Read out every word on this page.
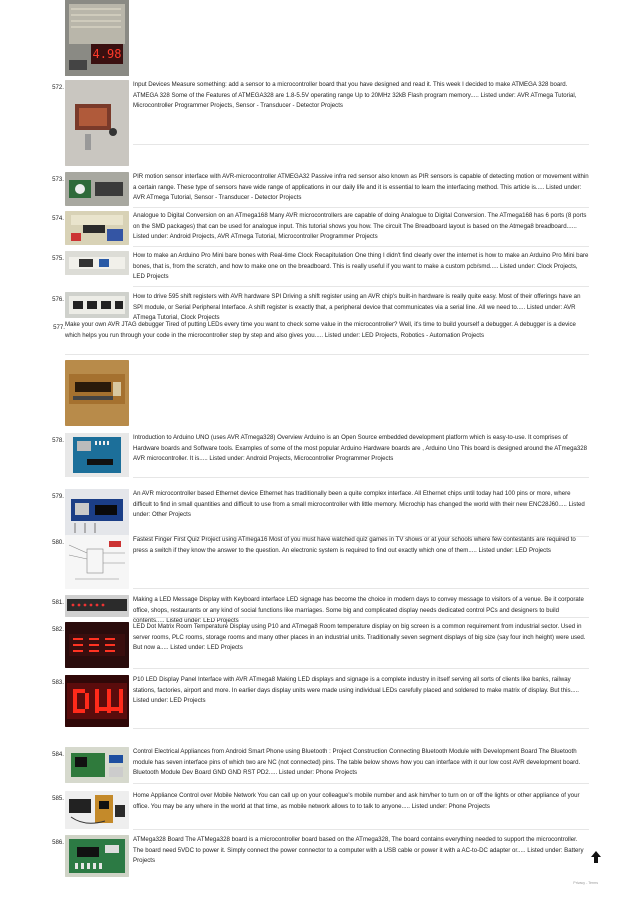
4.98
572.	Input Devices Measure something: add a sensor to a microcontroller board that you have designed and read it. This week I decided to make ATMEGA 328 board. ATMEGA 328 Some of the Features of ATMEGA328 are 1.8-5.5V operating range Up to 20MHz 32kB Flash program memory..... Listed under: AVR ATmega Tutorial, Microcontroller Programmer Projects, Sensor - Transducer - Detector Projects
573.	PIR motion sensor interface with AVR-microcontroller ATMEGA32 Passive infra red sensor also known as PIR sensors is capable of detecting motion or movement within a certain range. These type of sensors have wide range of applications in our daily life and it is essential to learn the interfacing method. This article is..... Listed under: AVR ATmega Tutorial, Sensor - Transducer - Detector Projects
574.	Analogue to Digital Conversion on an ATmega168 Many AVR microcontrollers are capable of doing Analogue to Digital Conversion. The ATmega168 has 6 ports (8 ports on the SMD packages) that can be used for analogue input. This tutorial shows you how. The circuit The Breadboard layout is based on the Atmega8 breadboard...... Listed under: Android Projects, AVR ATmega Tutorial, Microcontroller Programmer Projects
575.	How to make an Arduino Pro Mini bare bones with Real-time Clock Recapitulation One thing I didn't find clearly over the internet is how to make an Arduino Pro Mini bare bones, that is, from the scratch, and how to make one on the breadboard. This is really useful if you want to make a custom pcb/smd..... Listed under: Clock Projects, LED Projects
576.	How to drive 595 shift registers with AVR hardware SPI Driving a shift register using an AVR chip's built-in hardware is really quite easy. Most of their offerings have an SPI module, or Serial Peripheral Interface. A shift register is exactly that, a peripheral device that communicates via a serial line. All we need to..... Listed under: AVR ATmega Tutorial, Clock Projects
577. Make your own AVR JTAG debugger Tired of putting LEDs every time you want to check some value in the microcontroller? Well, it's time to build yourself a debugger. A debugger is a device which helps you run through your code in the microcontroller step by step and also gives you..... Listed under: LED Projects, Robotics - Automation Projects
578.	Introduction to Arduino UNO (uses AVR ATmega328) Overview Arduino is an Open Source embedded development platform which is easy-to-use. It comprises of Hardware boards and Software tools. Examples of some of the most popular Arduino Hardware boards are , Arduino Uno This board is designed around the ATmega328 AVR microcontroller. It is..... Listed under: Android Projects, Microcontroller Programmer Projects
579.	An AVR microcontroller based Ethernet device Ethernet has traditionally been a quite complex interface. All Ethernet chips until today had 100 pins or more, where difficult to find in small quantities and difficult to use from a small microcontroller with little memory. Microchip has changed the world with their new ENC28J60..... Listed under: Other Projects
580.	Fastest Finger First Quiz Project using ATmega16 Most of you must have watched quiz games in TV shows or at your schools where few contestants are required to press a switch if they know the answer to the question. An electronic system is required to find out exactly which one of them..... Listed under: LED Projects
581.	Making a LED Message Display with Keyboard interface LED signage has become the choice in modern days to convey message to visitors of a venue. Be it corporate office, shops, restaurants or any kind of social functions like marriages. Some big and complicated display needs dedicated control PCs and designers to build contents..... Listed under: LED Projects
582.	LED Dot Matrix Room Temperature Display using P10 and ATmega8 Room temperature display on big screen is a common requirement from industrial sector. Used in server rooms, PLC rooms, storage rooms and many other places in an industrial units. Traditionally seven segment displays of big size (say four inch height) were used. But now a..... Listed under: LED Projects
583.	P10 LED Display Panel Interface with AVR ATmega8 Making LED displays and signage is a complete industry in itself serving all sorts of clients like banks, railway stations, factories, airport and more. In earlier days display units were made using individual LEDs carefully placed and soldered to make matrix of display. But this..... Listed under: LED Projects
584.	Control Electrical Appliances from Android Smart Phone using Bluetooth : Project Construction Connecting Bluetooth Module with Development Board The Bluetooth module has seven interface pins of which two are NC (not connected) pins. The table below shows how you can interface with it our low cost AVR development board. Bluetooth Module Dev Board GND GND RST PD2..... Listed under: Phone Projects
585.	Home Appliance Control over Mobile Network You can call up on your colleague's mobile number and ask him/her to turn on or off the lights or other appliance of your office. You may be any where in the world at that time, as mobile network allows to to talk to anyone..... Listed under: Phone Projects
586.	ATMega328 Board The ATMega328 board is a microcontroller board based on the ATmega328, The board contains everything needed to support the microcontroller. The board need 5VDC to power it. Simply connect the power connector to a computer with a USB cable or power it with a AC-to-DC adapter or..... Listed under: Battery Projects
Privacy - Terms
